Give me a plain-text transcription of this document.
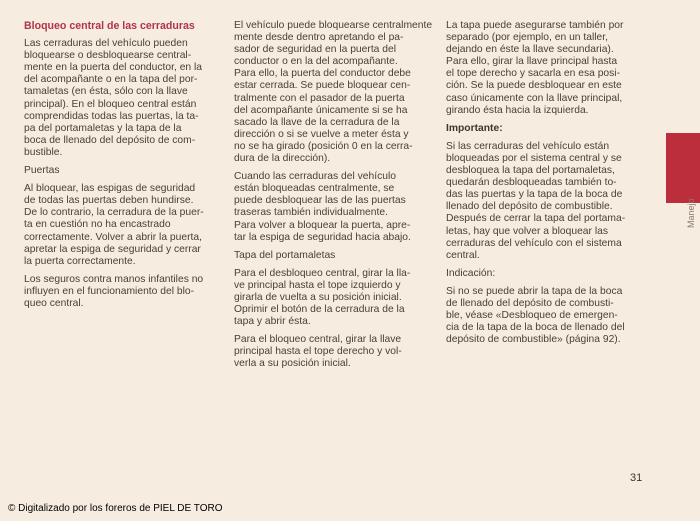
Bloqueo central de las cerraduras

Las cerraduras del vehículo pueden
bloquearse o desbloquearse central-
mente en la puerta del conductor, en la
del acompañante o en la tapa del por-
tamaletas (en ésta, sólo con la llave
principal). En el bloqueo central están
comprendidas todas las puertas, la ta-
pa del portamaletas y la tapa de la
boca de llenado del depósito de com-
bustible.

Puertas

Al bloquear, las espigas de seguridad
de todas las puertas deben hundirse.
De lo contrario, la cerradura de la puer-
ta en cuestión no ha encastrado
correctamente. Volver a abrir la puerta,
apretar la espiga de seguridad y cerrar
la puerta correctamente.

Los seguros contra manos infantiles no
influyen en el funcionamiento del blo-
queo central.

El vehículo puede bloquearse centralmente
mente desde dentro apretando el pa-
sador de seguridad en la puerta del
conductor o en la del acompañante.
Para ello, la puerta del conductor debe
estar cerrada. Se puede bloquear cen-
tralmente con el pasador de la puerta
del acompañante únicamente si se ha
sacado la llave de la cerradura de la
dirección o si se vuelve a meter ésta y
no se ha girado (posición 0 en la cerra-
dura de la dirección).

Cuando las cerraduras del vehículo
están bloqueadas centralmente, se
puede desbloquear las de las puertas
traseras también individualmente.
Para volver a bloquear la puerta, apre-
tar la espiga de seguridad hacia abajo.

Tapa del portamaletas

Para el desbloqueo central, girar la lla-
ve principal hasta el tope izquierdo y
girarla de vuelta a su posición inicial.
Oprimir el botón de la cerradura de la
tapa y abrir ésta.

Para el bloqueo central, girar la llave
principal hasta el tope derecho y vol-
verla a su posición inicial.

La tapa puede asegurarse también por
separado (por ejemplo, en un taller,
dejando en éste la llave secundaria).
Para ello, girar la llave principal hasta
el tope derecho y sacarla en esa posi-
ción. Se la puede desbloquear en este
caso únicamente con la llave principal,
girando ésta hacia la izquierda.

Importante:

Si las cerraduras del vehículo están
bloqueadas por el sistema central y se
desbloquea la tapa del portamaletas,
quedarán desbloqueadas también to-
das las puertas y la tapa de la boca de
llenado del depósito de combustible.
Después de cerrar la tapa del portama-
letas, hay que volver a bloquear las
cerraduras del vehículo con el sistema
central.

Indicación:

Si no se puede abrir la tapa de la boca
de llenado del depósito de combusti-
ble, véase «Desbloqueo de emergen-
cia de la tapa de la boca de llenado del
depósito de combustible» (página 92).

Manejo
31
© Digitalizado por los foreros de PIEL DE TORO
